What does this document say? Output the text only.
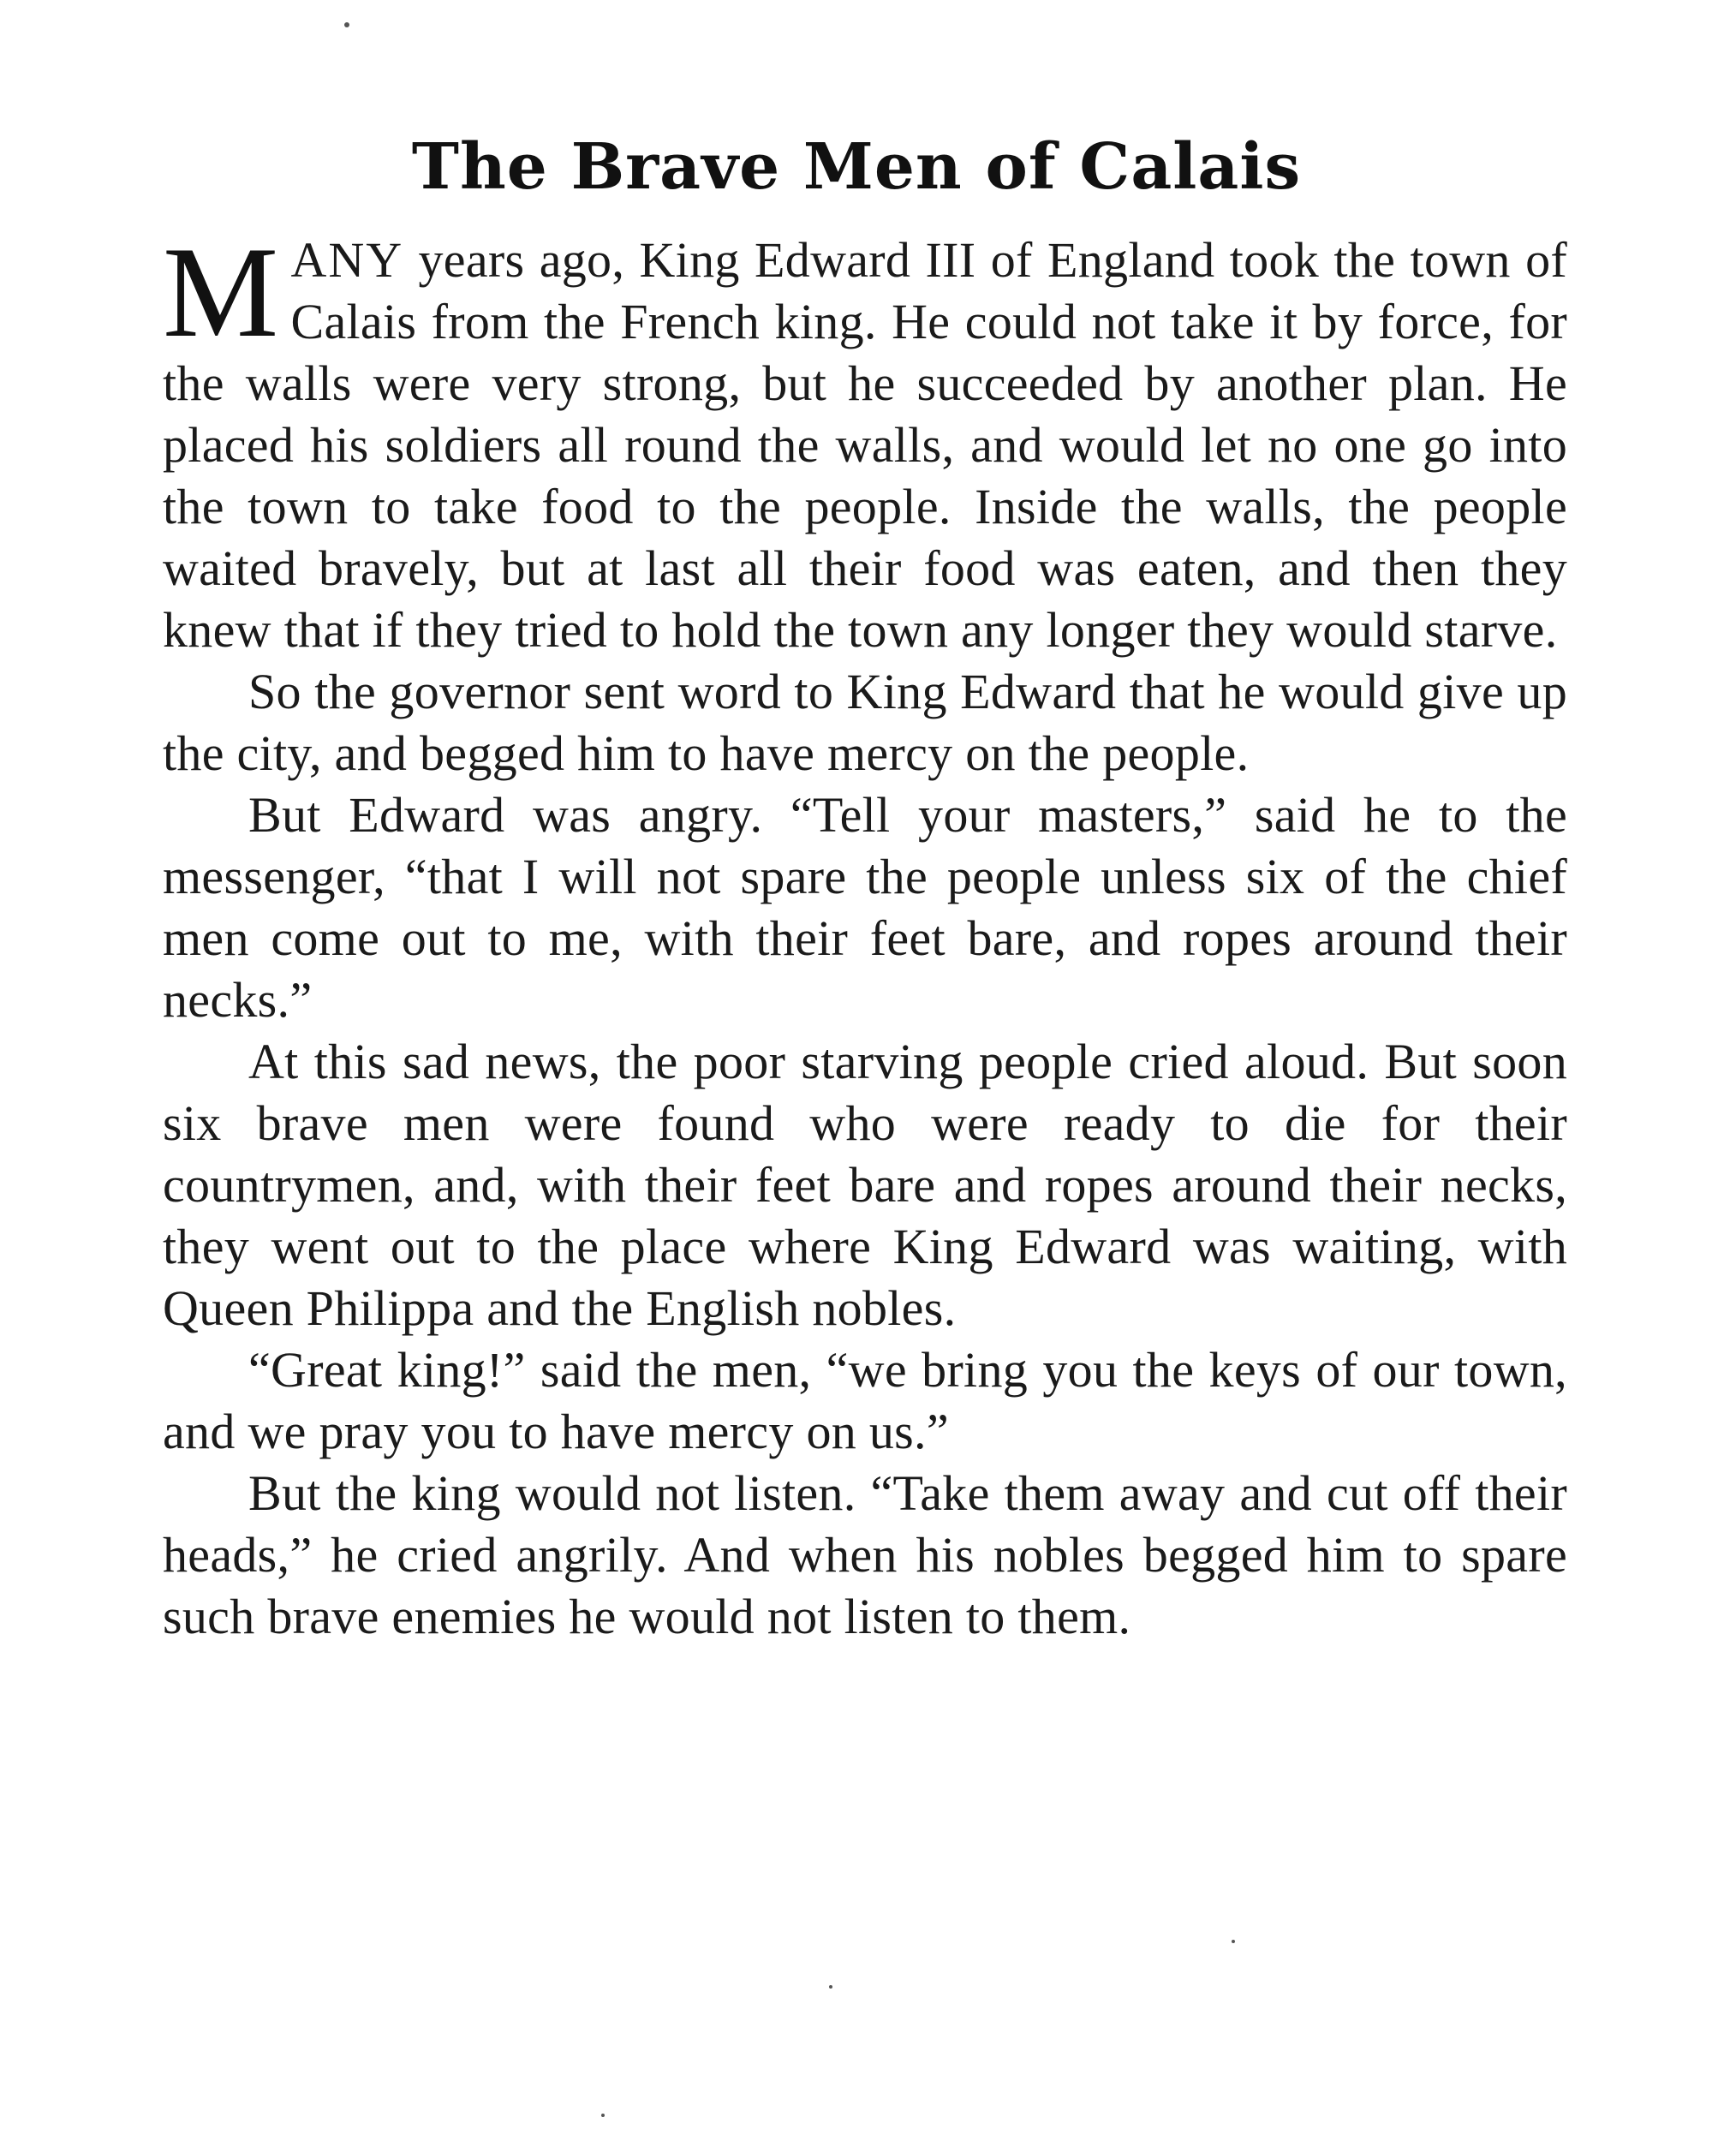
The Brave Men of Calais

MANY years ago, King Edward III of England took the town of Calais from the French king. He could not take it by force, for the walls were very strong, but he succeeded by another plan. He placed his soldiers all round the walls, and would let no one go into the town to take food to the people. Inside the walls, the people waited bravely, but at last all their food was eaten, and then they knew that if they tried to hold the town any longer they would starve.

So the governor sent word to King Edward that he would give up the city, and begged him to have mercy on the people.

But Edward was angry. “Tell your masters,” said he to the messenger, “that I will not spare the people unless six of the chief men come out to me, with their feet bare, and ropes around their necks.”

At this sad news, the poor starving people cried aloud. But soon six brave men were found who were ready to die for their countrymen, and, with their feet bare and ropes around their necks, they went out to the place where King Edward was waiting, with Queen Philippa and the English nobles.

“Great king!” said the men, “we bring you the keys of our town, and we pray you to have mercy on us.”

But the king would not listen. “Take them away and cut off their heads,” he cried angrily. And when his nobles begged him to spare such brave enemies he would not listen to them.
